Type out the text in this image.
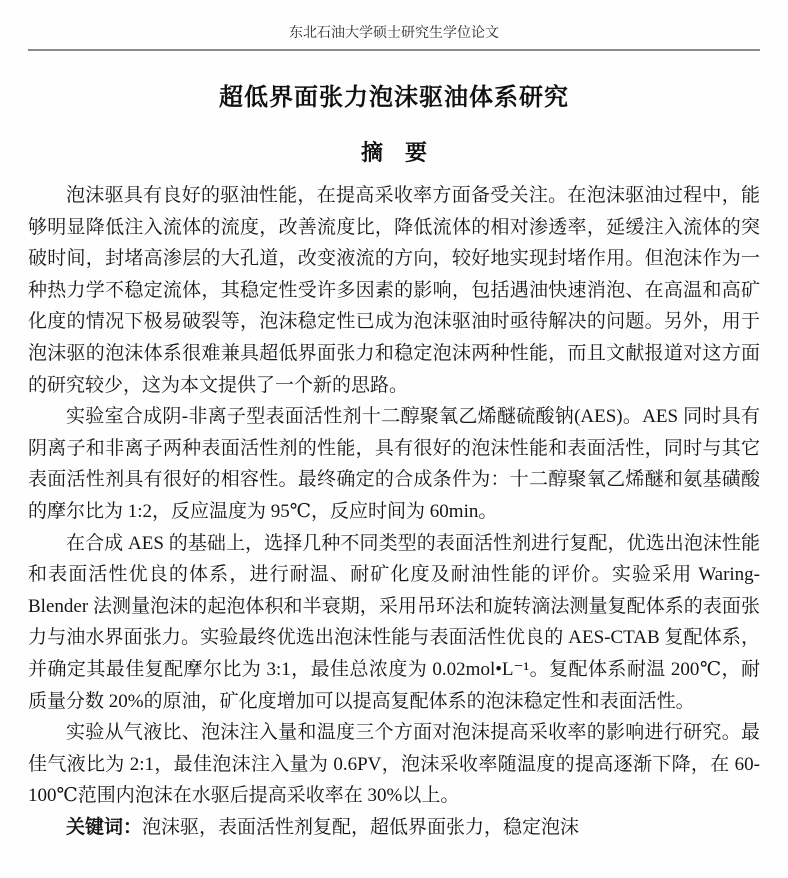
东北石油大学硕士研究生学位论文
超低界面张力泡沫驱油体系研究
摘　要

泡沫驱具有良好的驱油性能，在提高采收率方面备受关注。在泡沫驱油过程中，能够明显降低注入流体的流度，改善流度比，降低流体的相对渗透率，延缓注入流体的突破时间，封堵高渗层的大孔道，改变液流的方向，较好地实现封堵作用。但泡沫作为一种热力学不稳定流体，其稳定性受许多因素的影响，包括遇油快速消泡、在高温和高矿化度的情况下极易破裂等，泡沫稳定性已成为泡沫驱油时亟待解决的问题。另外，用于泡沫驱的泡沫体系很难兼具超低界面张力和稳定泡沫两种性能，而且文献报道对这方面的研究较少，这为本文提供了一个新的思路。

实验室合成阴-非离子型表面活性剂十二醇聚氧乙烯醚硫酸钠(AES)。AES 同时具有阴离子和非离子两种表面活性剂的性能，具有很好的泡沫性能和表面活性，同时与其它表面活性剂具有很好的相容性。最终确定的合成条件为：十二醇聚氧乙烯醚和氨基磺酸的摩尔比为 1:2，反应温度为 95℃，反应时间为 60min。

在合成 AES 的基础上，选择几种不同类型的表面活性剂进行复配，优选出泡沫性能和表面活性优良的体系，进行耐温、耐矿化度及耐油性能的评价。实验采用 Waring-Blender 法测量泡沫的起泡体积和半衰期，采用吊环法和旋转滴法测量复配体系的表面张力与油水界面张力。实验最终优选出泡沫性能与表面活性优良的 AES-CTAB 复配体系，并确定其最佳复配摩尔比为 3:1，最佳总浓度为 0.02mol•L⁻¹。复配体系耐温 200℃，耐质量分数 20%的原油，矿化度增加可以提高复配体系的泡沫稳定性和表面活性。

实验从气液比、泡沫注入量和温度三个方面对泡沫提高采收率的影响进行研究。最佳气液比为 2:1，最佳泡沫注入量为 0.6PV，泡沫采收率随温度的提高逐渐下降，在 60-100℃范围内泡沫在水驱后提高采收率在 30%以上。

关键词：泡沫驱，表面活性剂复配，超低界面张力，稳定泡沫
